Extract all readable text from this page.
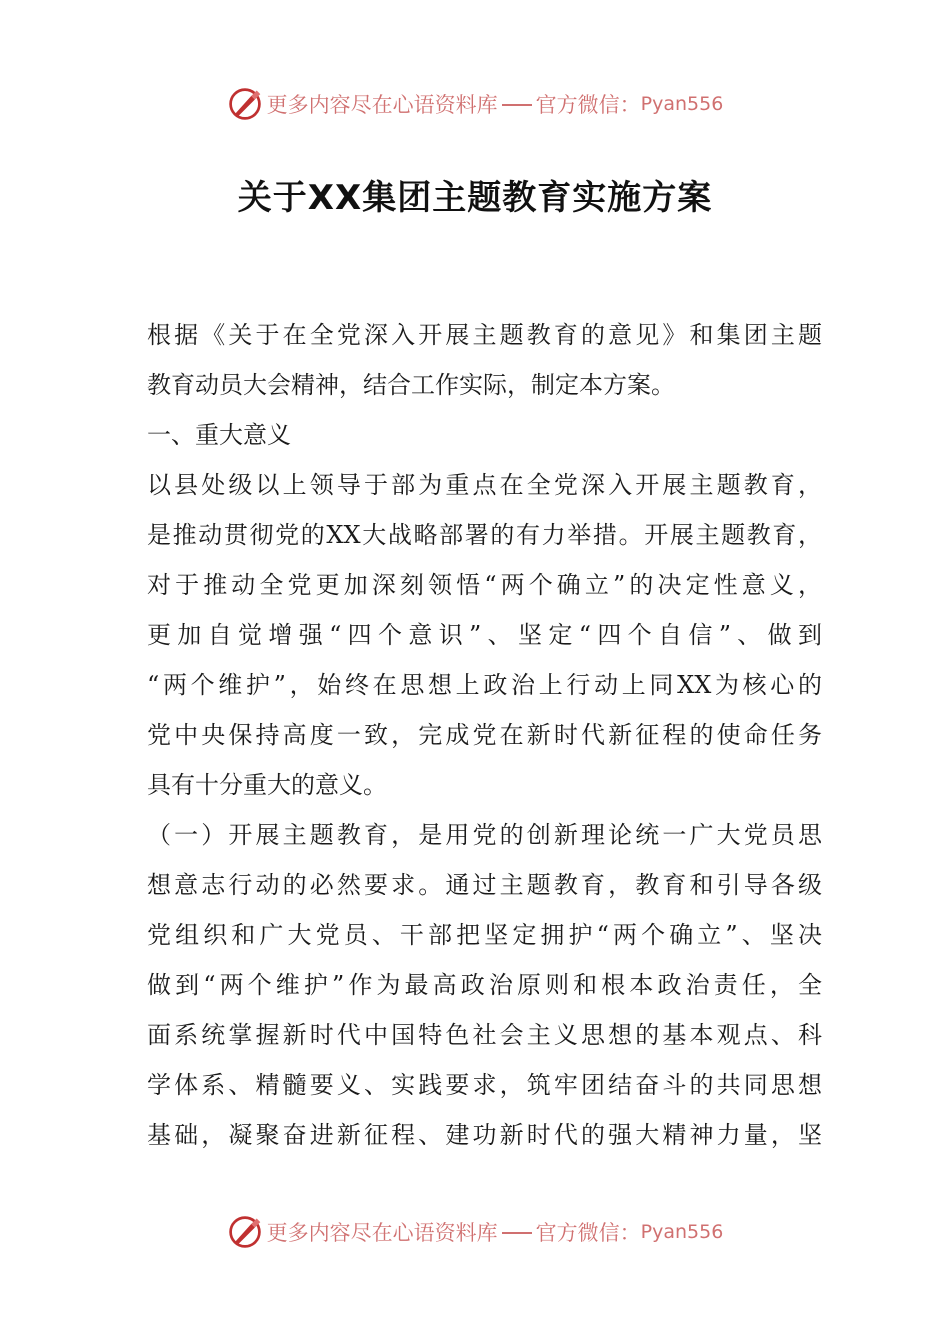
更多内容尽在心语资料库 官方微信： Pyan556
关于XX集团主题教育实施方案
根据《关于在全党深入开展主题教育的意见》和集团主题
教育动员大会精神，结合工作实际，制定本方案。
一、重大意义
以县处级以上领导于部为重点在全党深入开展主题教育，
是推动贯彻党的XX大战略部署的有力举措。开展主题教育，
对于推动全党更加深刻领悟“两个确立”的决定性意义，
更加自觉增强“四个意识”、坚定“四个自信”、做到
“两个维护”，始终在思想上政治上行动上同XX为核心的
党中央保持高度一致，完成党在新时代新征程的使命任务
具有十分重大的意义。
（一）开展主题教育，是用党的创新理论统一广大党员思
想意志行动的必然要求。通过主题教育，教育和引导各级
党组织和广大党员、干部把坚定拥护“两个确立”、坚决
做到“两个维护”作为最高政治原则和根本政治责任，全
面系统掌握新时代中国特色社会主义思想的基本观点、科
学体系、精髓要义、实践要求，筑牢团结奋斗的共同思想
基础，凝聚奋进新征程、建功新时代的强大精神力量，坚
更多内容尽在心语资料库 官方微信： Pyan556
